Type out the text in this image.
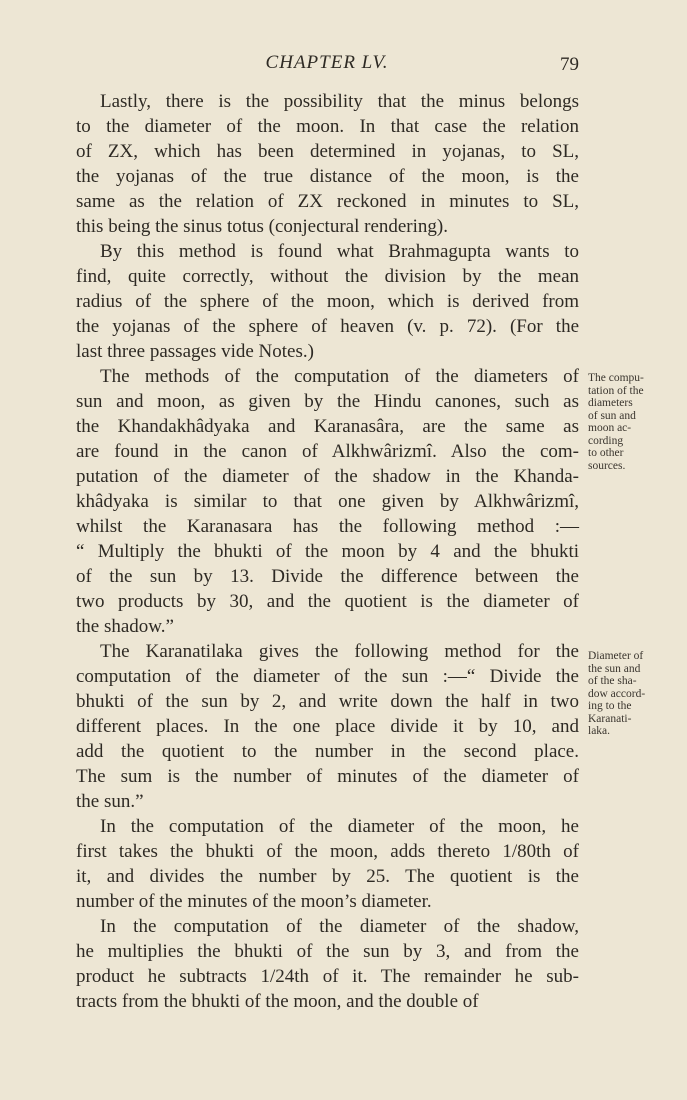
CHAPTER LV.	79
Lastly, there is the possibility that the minus belongs
to the diameter of the moon. In that case the relation
of ZX, which has been determined in yojanas, to SL,
the yojanas of the true distance of the moon, is the
same as the relation of ZX reckoned in minutes to SL,
this being the sinus totus (conjectural rendering).
By this method is found what Brahmagupta wants to
find, quite correctly, without the division by the mean
radius of the sphere of the moon, which is derived from
the yojanas of the sphere of heaven (v. p. 72). (For the
last three passages vide Notes.)
The methods of the computation of the diameters of
sun and moon, as given by the Hindu canones, such as
the Khandakhâdyaka and Karanasâra, are the same as
are found in the canon of Alkhwârizmî. Also the com-
putation of the diameter of the shadow in the Khanda-
khâdyaka is similar to that one given by Alkhwârizmî,
whilst the Karanasara has the following method :—
“ Multiply the bhukti of the moon by 4 and the bhukti
of the sun by 13. Divide the difference between the
two products by 30, and the quotient is the diameter of
the shadow.”
The Karanatilaka gives the following method for the
computation of the diameter of the sun :—“ Divide the
bhukti of the sun by 2, and write down the half in two
different places. In the one place divide it by 10, and
add the quotient to the number in the second place.
The sum is the number of minutes of the diameter of
the sun.”
In the computation of the diameter of the moon, he
first takes the bhukti of the moon, adds thereto 1/80th of
it, and divides the number by 25. The quotient is the
number of the minutes of the moon’s diameter.
In the computation of the diameter of the shadow,
he multiplies the bhukti of the sun by 3, and from the
product he subtracts 1/24th of it. The remainder he sub-
tracts from the bhukti of the moon, and the double of
The compu-
tation of the
diameters
of sun and
moon ac-
cording
to other
sources.
Diameter of
the sun and
of the sha-
dow accord-
ing to the
Karanati-
laka.
